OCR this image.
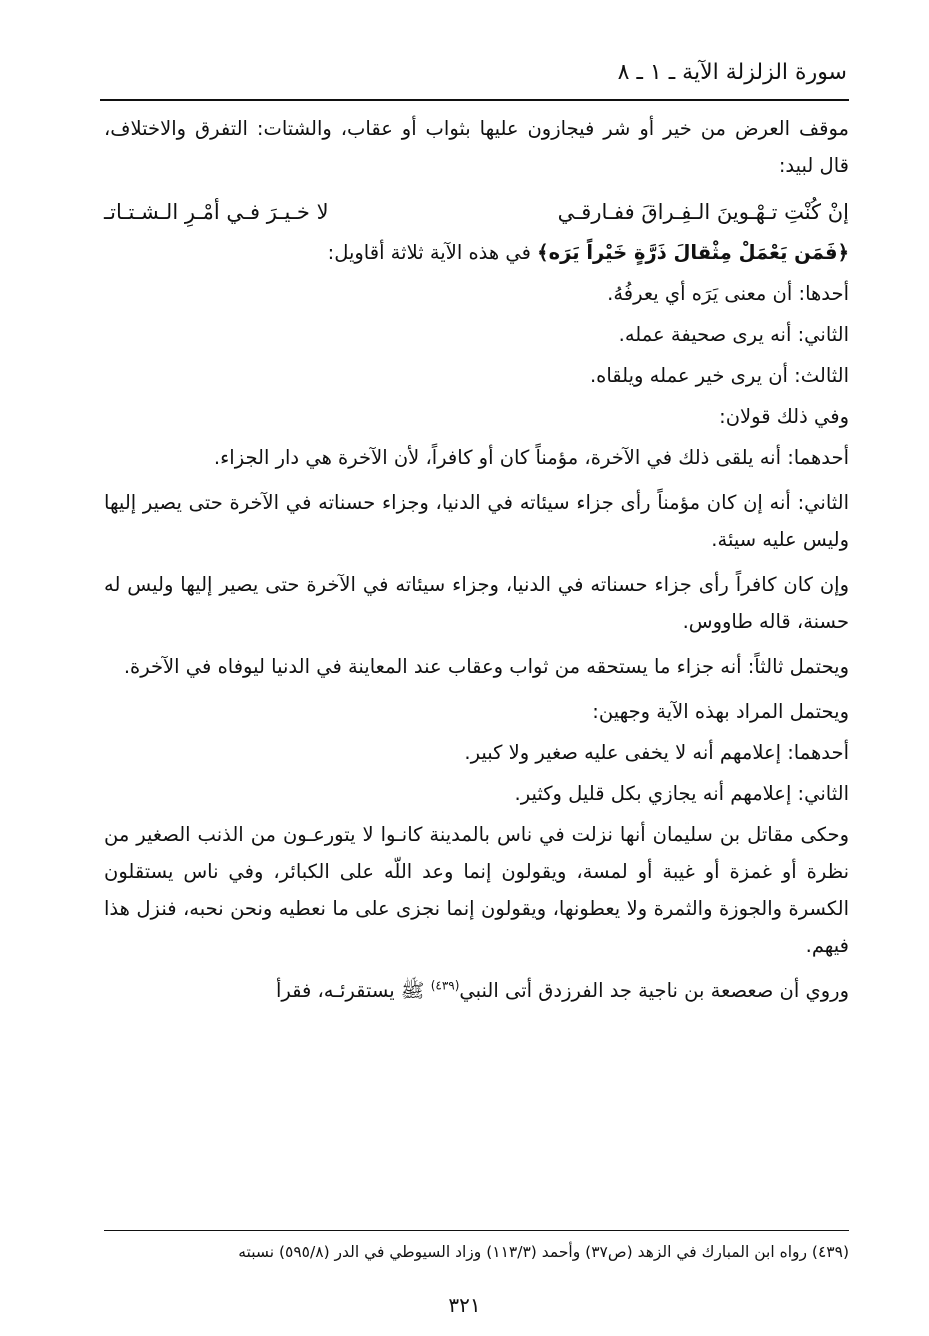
سورة الزلزلة الآية ـ ١ ـ ٨

موقف العرض من خير أو شر فيجازون عليها بثواب أو عقاب، والشتات: التفرق والاختلاف، قال لبيد:

إنْ كُنْتِ تـهْـوينَ الـفِـراقَ ففـارقـي
لا خـيـرَ فـي أمْـرِ الـشـتـاتـ

﴿فَمَن يَعْمَلْ مِثْقالَ ذَرَّةٍ خَيْراً يَرَه﴾ في هذه الآية ثلاثة أقاويل:

أحدها: أن معنى يَرَه أي يعرفُهُ.

الثاني: أنه يرى صحيفة عمله.

الثالث: أن يرى خير عمله ويلقاه.

وفي ذلك قولان:

أحدهما: أنه يلقى ذلك في الآخرة، مؤمناً كان أو كافراً، لأن الآخرة هي دار الجزاء.

الثاني: أنه إن كان مؤمناً رأى جزاء سيئاته في الدنيا، وجزاء حسناته في الآخرة حتى يصير إليها وليس عليه سيئة.

وإن كان كافراً رأى جزاء حسناته في الدنيا، وجزاء سيئاته في الآخرة حتى يصير إليها وليس له حسنة، قاله طاووس.

ويحتمل ثالثاً: أنه جزاء ما يستحقه من ثواب وعقاب عند المعاينة في الدنيا ليوفاه في الآخرة.

ويحتمل المراد بهذه الآية وجهين:

أحدهما: إعلامهم أنه لا يخفى عليه صغير ولا كبير.

الثاني: إعلامهم أنه يجازي بكل قليل وكثير.

وحكى مقاتل بن سليمان أنها نزلت في ناس بالمدينة كانـوا لا يتورعـون من الذنب الصغير من نظرة أو غمزة أو غيبة أو لمسة، ويقولون إنما وعد اللّه على الكبائر، وفي ناس يستقلون الكسرة والجوزة والثمرة ولا يعطونها، ويقولون إنما نجزى على ما نعطيه ونحن نحبه، فنزل هذا فيهم.

وروي أن صعصعة بن ناجية جد الفرزدق أتى النبي$^{(٤٣٩)}$ ﷺ يستقرئـه، فقرأ

(٤٣٩) رواه ابن المبارك في الزهد (ص٣٧) وأحمد (١١٣/٣) وزاد السيوطي في الدر (٥٩٥/٨) نسبته
٣٢١
